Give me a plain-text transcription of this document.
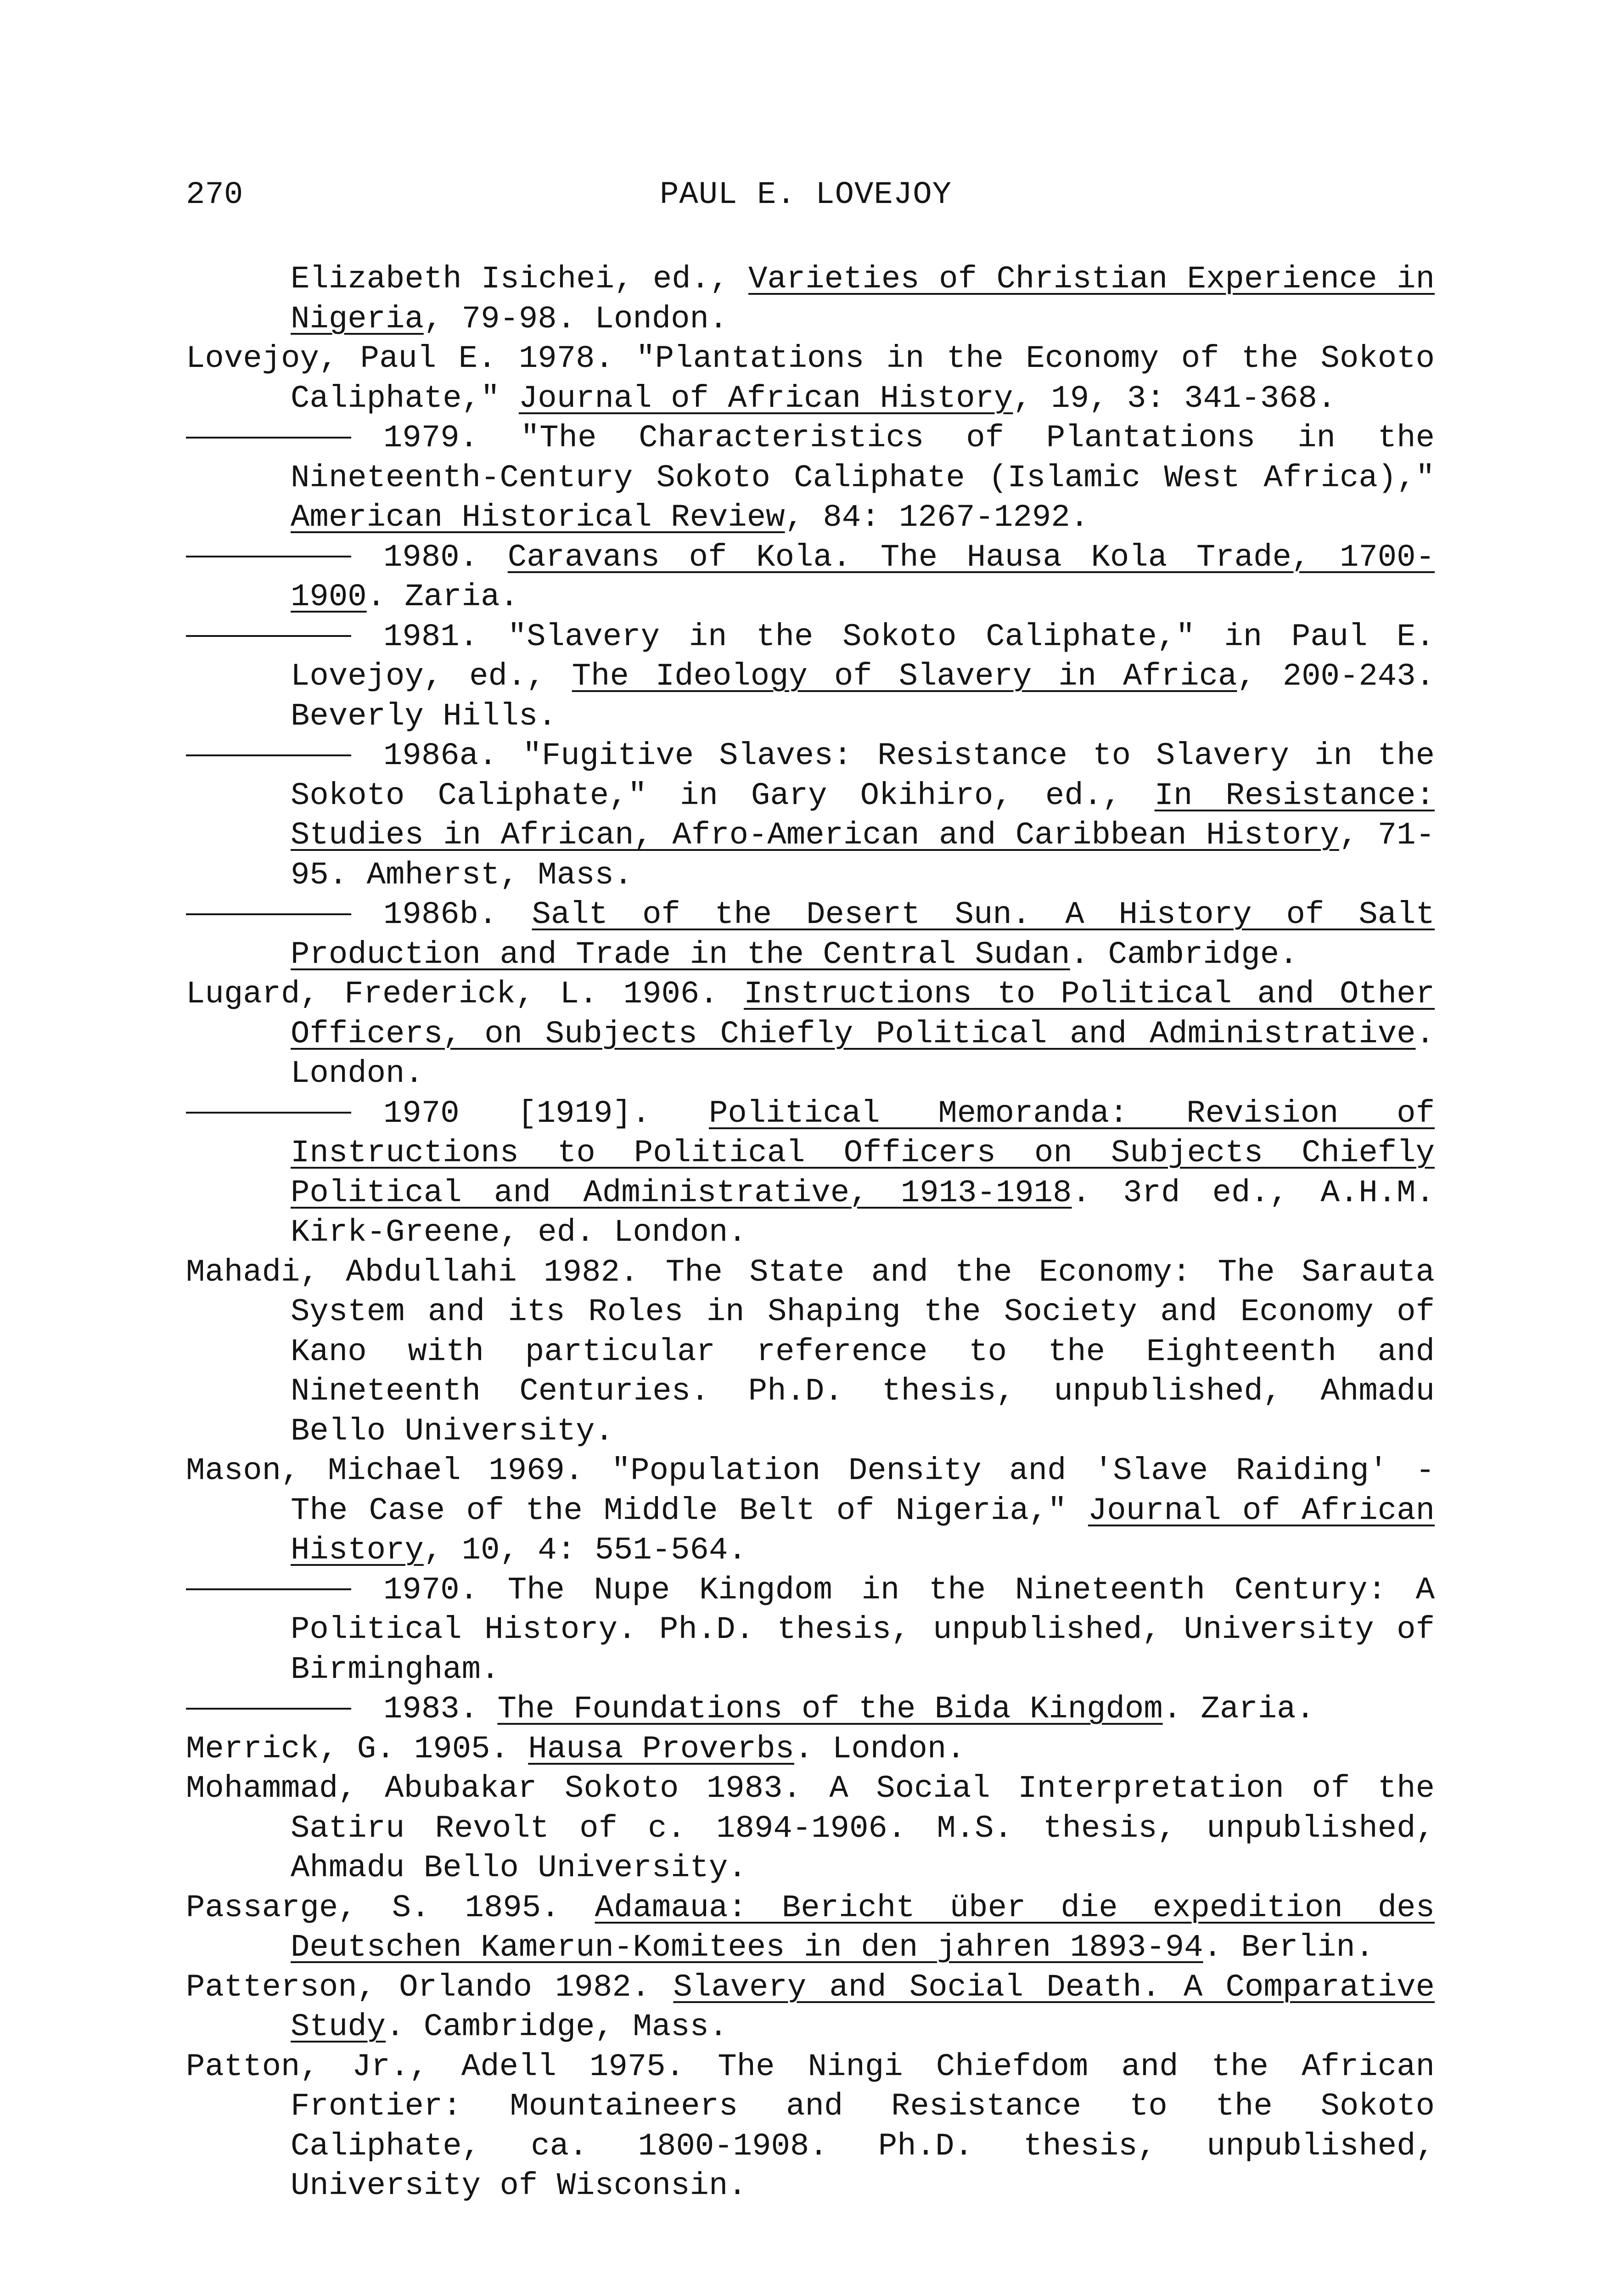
270	PAUL E. LOVEJOY

Elizabeth Isichei, ed., Varieties of Christian Experience in Nigeria, 79-98. London.

Lovejoy, Paul E. 1978. "Plantations in the Economy of the Sokoto Caliphate," Journal of African History, 19, 3: 341-368.

1979. "The Characteristics of Plantations in the Nineteenth-Century Sokoto Caliphate (Islamic West Africa)," American Historical Review, 84: 1267-1292.

1980. Caravans of Kola. The Hausa Kola Trade, 1700-1900. Zaria.

1981. "Slavery in the Sokoto Caliphate," in Paul E. Lovejoy, ed., The Ideology of Slavery in Africa, 200-243. Beverly Hills.

1986a. "Fugitive Slaves: Resistance to Slavery in the Sokoto Caliphate," in Gary Okihiro, ed., In Resistance: Studies in African, Afro-American and Caribbean History, 71-95. Amherst, Mass.

1986b. Salt of the Desert Sun. A History of Salt Production and Trade in the Central Sudan. Cambridge.

Lugard, Frederick, L. 1906. Instructions to Political and Other Officers, on Subjects Chiefly Political and Administrative. London.

1970 [1919]. Political Memoranda: Revision of Instructions to Political Officers on Subjects Chiefly Political and Administrative, 1913-1918. 3rd ed., A.H.M. Kirk-Greene, ed. London.

Mahadi, Abdullahi 1982. The State and the Economy: The Sarauta System and its Roles in Shaping the Society and Economy of Kano with particular reference to the Eighteenth and Nineteenth Centuries. Ph.D. thesis, unpublished, Ahmadu Bello University.

Mason, Michael 1969. "Population Density and 'Slave Raiding' - The Case of the Middle Belt of Nigeria," Journal of African History, 10, 4: 551-564.

1970. The Nupe Kingdom in the Nineteenth Century: A Political History. Ph.D. thesis, unpublished, University of Birmingham.

1983. The Foundations of the Bida Kingdom. Zaria.

Merrick, G. 1905. Hausa Proverbs. London.

Mohammad, Abubakar Sokoto 1983. A Social Interpretation of the Satiru Revolt of c. 1894-1906. M.S. thesis, unpublished, Ahmadu Bello University.

Passarge, S. 1895. Adamaua: Bericht über die expedition des Deutschen Kamerun-Komitees in den jahren 1893-94. Berlin.

Patterson, Orlando 1982. Slavery and Social Death. A Comparative Study. Cambridge, Mass.

Patton, Jr., Adell 1975. The Ningi Chiefdom and the African Frontier: Mountaineers and Resistance to the Sokoto Caliphate, ca. 1800-1908. Ph.D. thesis, unpublished, University of Wisconsin.
